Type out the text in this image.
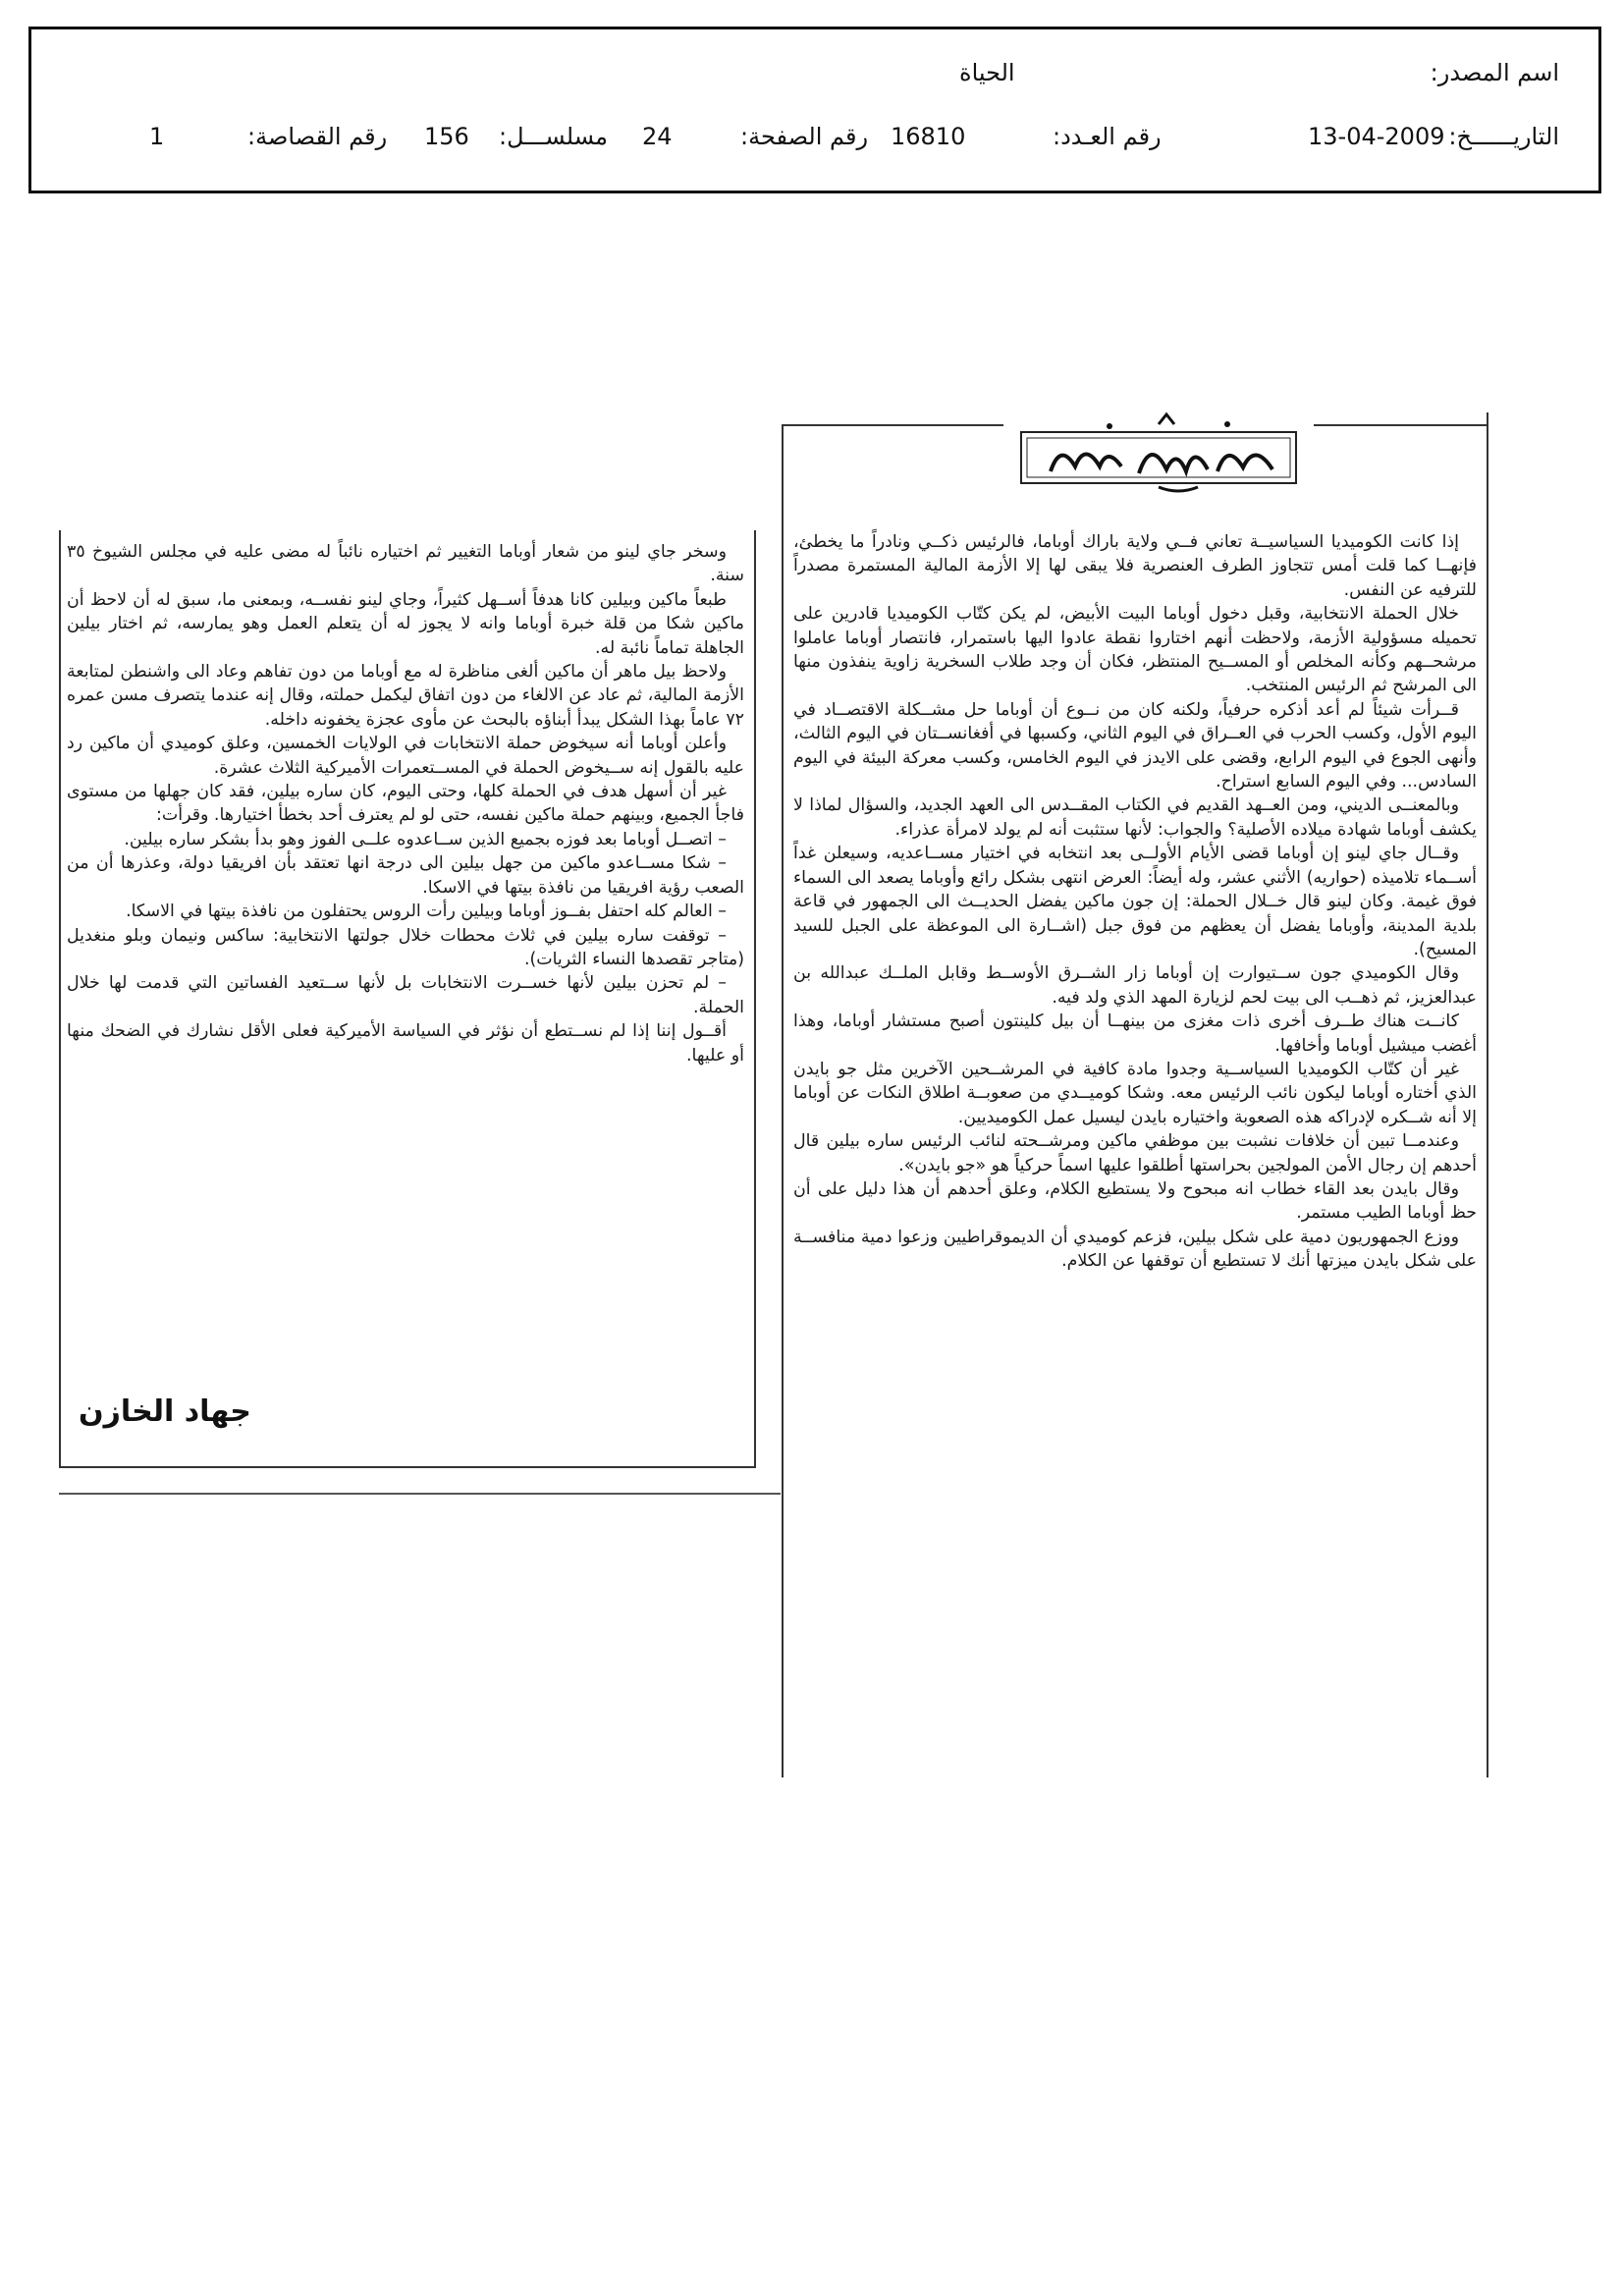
اسم المصدر:
الحياة
التاريــــــخ:
13-04-2009
رقم العـدد:
16810
رقم الصفحة:
24
مسلســـل:
156
رقم القصاصة:
1

إذا كانت الكوميديا السياسيــة تعاني فــي ولاية باراك أوباما، فالرئيس ذكــي ونادراً ما يخطئ، فإنهــا كما قلت أمس تتجاوز الطرف العنصرية فلا يبقى لها إلا الأزمة المالية المستمرة مصدراً للترفيه عن النفس.

خلال الحملة الانتخابية، وقبل دخول أوباما البيت الأبيض، لم يكن كتّاب الكوميديا قادرين على تحميله مسؤولية الأزمة، ولاحظت أنهم اختاروا نقطة عادوا اليها باستمرار، فانتصار أوباما عاملوا مرشحــهم وكأنه المخلص أو المســيح المنتظر، فكان أن وجد طلاب السخرية زاوية ينفذون منها الى المرشح ثم الرئيس المنتخب.

قــرأت شيئاً لم أعد أذكره حرفياً، ولكنه كان من نــوع أن أوباما حل مشــكلة الاقتصــاد في اليوم الأول، وكسب الحرب في العــراق في اليوم الثاني، وكسبها في أفغانســتان في اليوم الثالث، وأنهى الجوع في اليوم الرابع، وقضى على الايدز في اليوم الخامس، وكسب معركة البيئة في اليوم السادس... وفي اليوم السابع استراح.

وبالمعنــى الديني، ومن العــهد القديم في الكتاب المقــدس الى العهد الجديد، والسؤال لماذا لا يكشف أوباما شهادة ميلاده الأصلية؟ والجواب: لأنها ستثبت أنه لم يولد لامرأة عذراء.

وقــال جاي لينو إن أوباما قضى الأيام الأولــى بعد انتخابه في اختيار مســاعديه، وسيعلن غداً أســماء تلاميذه (حواريه) الأثني عشر، وله أيضاً: العرض انتهى بشكل رائع وأوباما يصعد الى السماء فوق غيمة. وكان لينو قال خــلال الحملة: إن جون ماكين يفضل الحديــث الى الجمهور في قاعة بلدية المدينة، وأوباما يفضل أن يعظهم من فوق جبل (اشــارة الى الموعظة على الجبل للسيد المسيح).

وقال الكوميدي جون ســتيوارت إن أوباما زار الشــرق الأوســط وقابل الملــك عبدالله بن عبدالعزيز، ثم ذهــب الى بيت لحم لزيارة المهد الذي ولد فيه.

كانــت هناك طــرف أخرى ذات مغزى من بينهــا أن بيل كلينتون أصبح مستشار أوباما، وهذا أغضب ميشيل أوباما وأخافها.

غير أن كتّاب الكوميديا السياســية وجدوا مادة كافية في المرشــحين الآخرين مثل جو بايدن الذي أختاره أوباما ليكون نائب الرئيس معه. وشكا كوميــدي من صعوبــة اطلاق النكات عن أوباما إلا أنه شــكره لإدراكه هذه الصعوبة واختياره بايدن ليسيل عمل الكوميديين.

وعندمــا تبين أن خلافات نشبت بين موظفي ماكين ومرشــحته لنائب الرئيس ساره بيلين قال أحدهم إن رجال الأمن المولجين بحراستها أطلقوا عليها اسماً حركياً هو «جو بايدن».

وقال بايدن بعد القاء خطاب انه مبحوح ولا يستطيع الكلام، وعلق أحدهم أن هذا دليل على أن حظ أوباما الطيب مستمر.

ووزع الجمهوريون دمية على شكل بيلين، فزعم كوميدي أن الديموقراطيين وزعوا دمية منافســة على شكل بايدن ميزتها أنك لا تستطيع أن توقفها عن الكلام.

وسخر جاي لينو من شعار أوباما التغيير ثم اختياره نائباً له مضى عليه في مجلس الشيوخ ٣٥ سنة.

طبعاً ماكين وبيلين كانا هدفاً أســهل كثيراً، وجاي لينو نفســه، وبمعنى ما، سبق له أن لاحظ أن ماكين شكا من قلة خبرة أوباما وانه لا يجوز له أن يتعلم العمل وهو يمارسه، ثم اختار بيلين الجاهلة تماماً نائبة له.

ولاحظ بيل ماهر أن ماكين ألغى مناظرة له مع أوباما من دون تفاهم وعاد الى واشنطن لمتابعة الأزمة المالية، ثم عاد عن الالغاء من دون اتفاق ليكمل حملته، وقال إنه عندما يتصرف مسن عمره ٧٢ عاماً بهذا الشكل يبدأ أبناؤه بالبحث عن مأوى عجزة يخفونه داخله.

وأعلن أوباما أنه سيخوض حملة الانتخابات في الولايات الخمسين، وعلق كوميدي أن ماكين رد عليه بالقول إنه ســيخوض الحملة في المســتعمرات الأميركية الثلاث عشرة.

غير أن أسهل هدف في الحملة كلها، وحتى اليوم، كان ساره بيلين، فقد كان جهلها من مستوى فاجأ الجميع، وبينهم حملة ماكين نفسه، حتى لو لم يعترف أحد بخطأ اختيارها. وقرأت:

– اتصــل أوباما بعد فوزه بجميع الذين ســاعدوه علــى الفوز وهو بدأ بشكر ساره بيلين.

– شكا مســاعدو ماكين من جهل بيلين الى درجة انها تعتقد بأن افريقيا دولة، وعذرها أن من الصعب رؤية افريقيا من نافذة بيتها في الاسكا.

– العالم كله احتفل بفــوز أوباما وبيلين رأت الروس يحتفلون من نافذة بيتها في الاسكا.

– توقفت ساره بيلين في ثلاث محطات خلال جولتها الانتخابية: ساكس ونيمان وبلو منغديل (متاجر تقصدها النساء الثريات).

– لم تحزن بيلين لأنها خســرت الانتخابات بل لأنها ســتعيد الفساتين التي قدمت لها خلال الحملة.

أقــول إننا إذا لم نســتطع أن نؤثر في السياسة الأميركية فعلى الأقل نشارك في الضحك منها أو عليها.

جهاد الخازن
